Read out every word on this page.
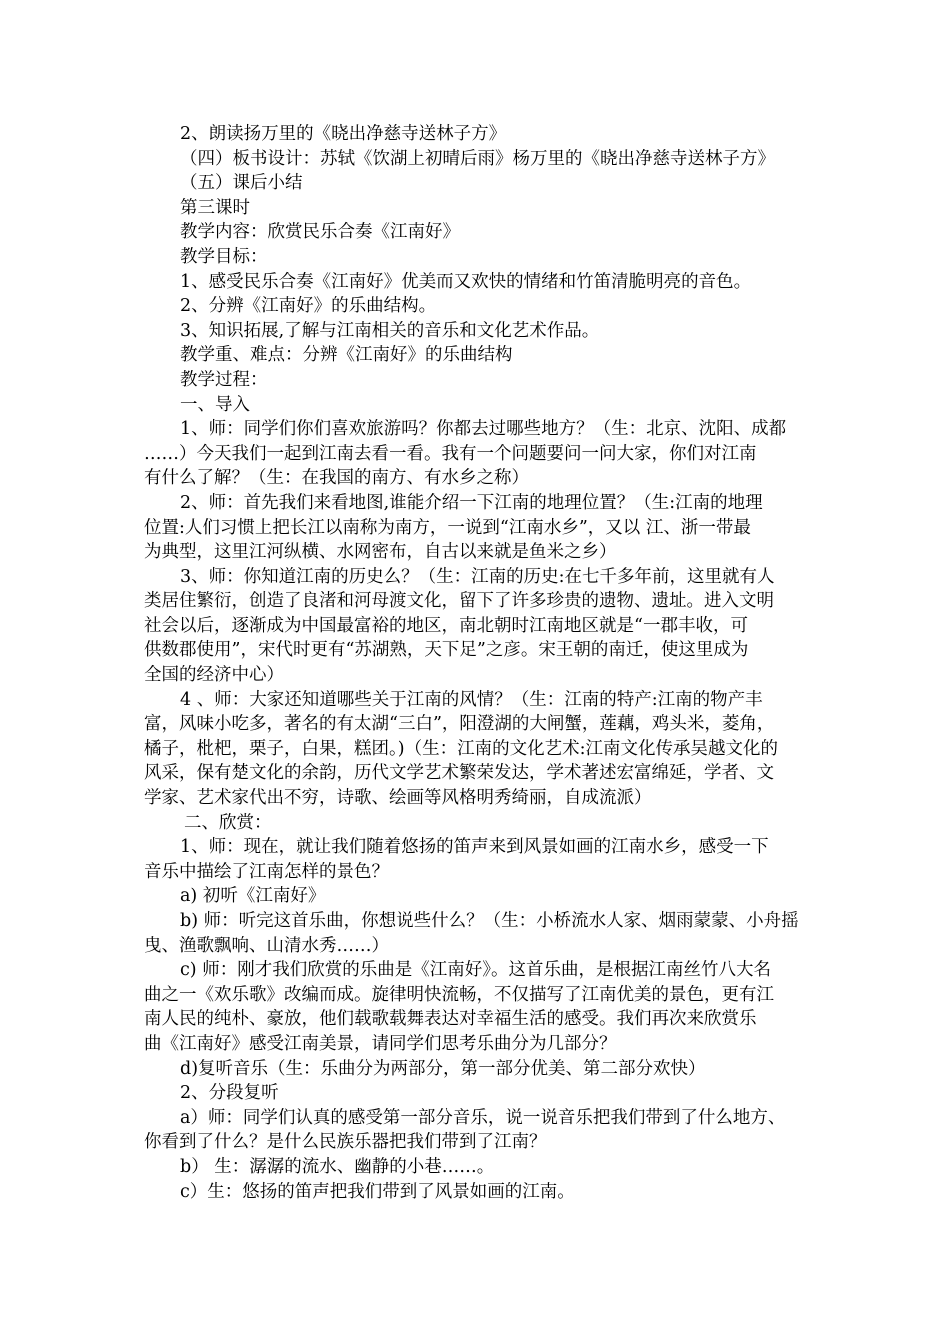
2、朗读扬万里的《晓出净慈寺送林子方》
（四）板书设计：苏轼《饮湖上初晴后雨》杨万里的《晓出净慈寺送林子方》
（五）课后小结
第三课时
教学内容：欣赏民乐合奏《江南好》
教学目标：
1、感受民乐合奏《江南好》优美而又欢快的情绪和竹笛清脆明亮的音色。
2、分辨《江南好》的乐曲结构。
3、知识拓展,了解与江南相关的音乐和文化艺术作品。
教学重、难点：分辨《江南好》的乐曲结构
教学过程：
一、导入
1、师：同学们你们喜欢旅游吗？你都去过哪些地方？（生：北京、沈阳、成都
……）今天我们一起到江南去看一看。我有一个问题要问一问大家，你们对江南
有什么了解？（生：在我国的南方、有水乡之称）
2、师：首先我们来看地图,谁能介绍一下江南的地理位置？（生:江南的地理
位置:人们习惯上把长江以南称为南方，一说到“江南水乡”，又以 江、浙一带最
为典型，这里江河纵横、水网密布，自古以来就是鱼米之乡）
3、师：你知道江南的历史么？（生：江南的历史:在七千多年前，这里就有人
类居住繁衍，创造了良渚和河母渡文化，留下了许多珍贵的遗物、遗址。进入文明
社会以后，逐渐成为中国最富裕的地区，南北朝时江南地区就是“一郡丰收，可
供数郡使用”，宋代时更有“苏湖熟，天下足”之彦。宋王朝的南迁，使这里成为
全国的经济中心）
4 、师：大家还知道哪些关于江南的风情？（生：江南的特产:江南的物产丰
富，风味小吃多，著名的有太湖“三白”，阳澄湖的大闸蟹，莲藕，鸡头米，菱角，
橘子，枇杷，栗子，白果，糕团。)（生：江南的文化艺术:江南文化传承吴越文化的
风采，保有楚文化的余韵，历代文学艺术繁荣发达，学术著述宏富绵延，学者、文
学家、艺术家代出不穷，诗歌、绘画等风格明秀绮丽，自成流派）
二、欣赏：
1、师：现在，就让我们随着悠扬的笛声来到风景如画的江南水乡，感受一下
音乐中描绘了江南怎样的景色？
a) 初听《江南好》
b) 师：听完这首乐曲，你想说些什么？（生：小桥流水人家、烟雨蒙蒙、小舟摇
曳、渔歌飘响、山清水秀……）
c) 师：刚才我们欣赏的乐曲是《江南好》。这首乐曲，是根据江南丝竹八大名
曲之一《欢乐歌》改编而成。旋律明快流畅，不仅描写了江南优美的景色，更有江
南人民的纯朴、豪放，他们载歌载舞表达对幸福生活的感受。我们再次来欣赏乐
曲《江南好》感受江南美景，请同学们思考乐曲分为几部分？
d)复听音乐（生：乐曲分为两部分，第一部分优美、第二部分欢快）
2、分段复听
a）师：同学们认真的感受第一部分音乐，说一说音乐把我们带到了什么地方、
你看到了什么？是什么民族乐器把我们带到了江南？
b） 生：潺潺的流水、幽静的小巷……。
c）生：悠扬的笛声把我们带到了风景如画的江南。
